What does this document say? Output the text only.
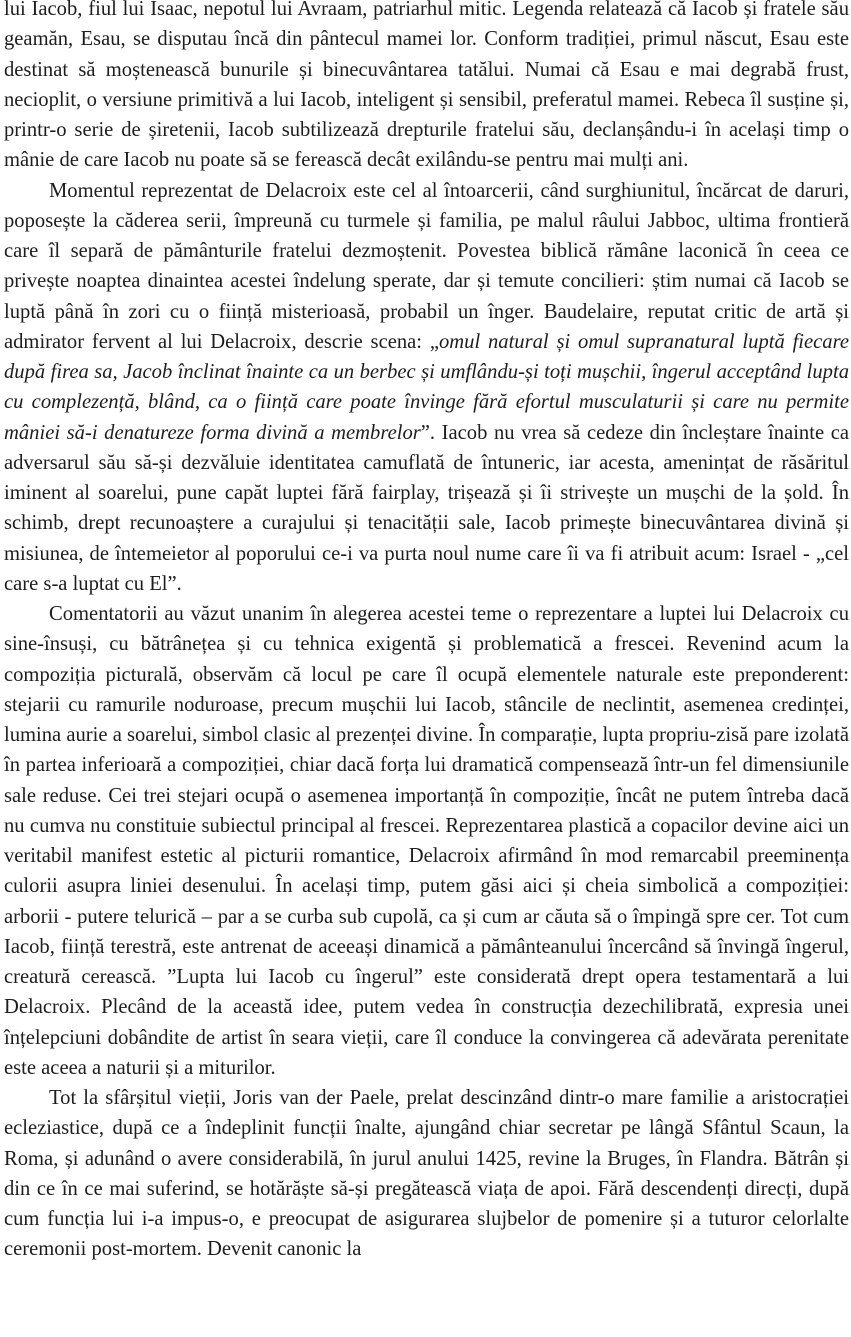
lui Iacob, fiul lui Isaac, nepotul lui Avraam, patriarhul mitic. Legenda relatează că Iacob și fratele său geamăn, Esau, se disputau încă din pântecul mamei lor. Conform tradiției, primul născut, Esau este destinat să moștenească bunurile și binecuvântarea tatălui. Numai că Esau e mai degrabă frust, necioplit, o versiune primitivă a lui Iacob, inteligent și sensibil, preferatul mamei. Rebeca îl susține și, printr-o serie de șiretenii, Iacob subtilizează drepturile fratelui său, declanșându-i în același timp o mânie de care Iacob nu poate să se ferească decât exilându-se pentru mai mulți ani.

Momentul reprezentat de Delacroix este cel al întoarcerii, când surghiunitul, încărcat de daruri, poposește la căderea serii, împreună cu turmele și familia, pe malul râului Jabboc, ultima frontieră care îl separă de pământurile fratelui dezmoștenit. Povestea biblică rămâne laconică în ceea ce privește noaptea dinaintea acestei îndelung sperate, dar și temute concilieri: știm numai că Iacob se luptă până în zori cu o ființă misterioasă, probabil un înger. Baudelaire, reputat critic de artă și admirator fervent al lui Delacroix, descrie scena: „omul natural și omul supranatural luptă fiecare după firea sa, Jacob înclinat înainte ca un berbec și umflându-și toți mușchii, îngerul acceptând lupta cu complezență, blând, ca o ființă care poate învinge fără efortul musculaturii și care nu permite mâniei să-i denatureze forma divină a membrelor”. Iacob nu vrea să cedeze din încleștare înainte ca adversarul său să-și dezvăluie identitatea camuflată de întuneric, iar acesta, amenințat de răsăritul iminent al soarelui, pune capăt luptei fără fairplay, trișează și îi strivește un mușchi de la șold. În schimb, drept recunoaștere a curajului și tenacității sale, Iacob primește binecuvântarea divină și misiunea, de întemeietor al poporului ce-i va purta noul nume care îi va fi atribuit acum: Israel - „cel care s-a luptat cu El”.

Comentatorii au văzut unanim în alegerea acestei teme o reprezentare a luptei lui Delacroix cu sine-însuși, cu bătrânețea și cu tehnica exigentă și problematică a frescei. Revenind acum la compoziția picturală, observăm că locul pe care îl ocupă elementele naturale este preponderent: stejarii cu ramurile noduroase, precum mușchii lui Iacob, stâncile de neclintit, asemenea credinței, lumina aurie a soarelui, simbol clasic al prezenței divine. În comparație, lupta propriu-zisă pare izolată în partea inferioară a compoziției, chiar dacă forța lui dramatică compensează într-un fel dimensiunile sale reduse. Cei trei stejari ocupă o asemenea importanță în compoziție, încât ne putem întreba dacă nu cumva nu constituie subiectul principal al frescei. Reprezentarea plastică a copacilor devine aici un veritabil manifest estetic al picturii romantice, Delacroix afirmând în mod remarcabil preeminența culorii asupra liniei desenului. În același timp, putem găsi aici și cheia simbolică a compoziției: arborii - putere telurică – par a se curba sub cupolă, ca și cum ar căuta să o împingă spre cer. Tot cum Iacob, ființă terestră, este antrenat de aceeași dinamică a pământeanului încercând să învingă îngerul, creatură cerească. ”Lupta lui Iacob cu îngerul” este considerată drept opera testamentară a lui Delacroix. Plecând de la această idee, putem vedea în construcția dezechilibrată, expresia unei înțelepciuni dobândite de artist în seara vieții, care îl conduce la convingerea că adevărata perenitate este aceea a naturii și a miturilor.

Tot la sfârșitul vieții, Joris van der Paele, prelat descinzând dintr-o mare familie a aristocrației ecleziastice, după ce a îndeplinit funcții înalte, ajungând chiar secretar pe lângă Sfântul Scaun, la Roma, și adunând o avere considerabilă, în jurul anului 1425, revine la Bruges, în Flandra. Bătrân și din ce în ce mai suferind, se hotărăște să-și pregătească viața de apoi. Fără descendenți direcți, după cum funcția lui i-a impus-o, e preocupat de asigurarea slujbelor de pomenire și a tuturor celorlalte ceremonii post-mortem. Devenit canonic la
